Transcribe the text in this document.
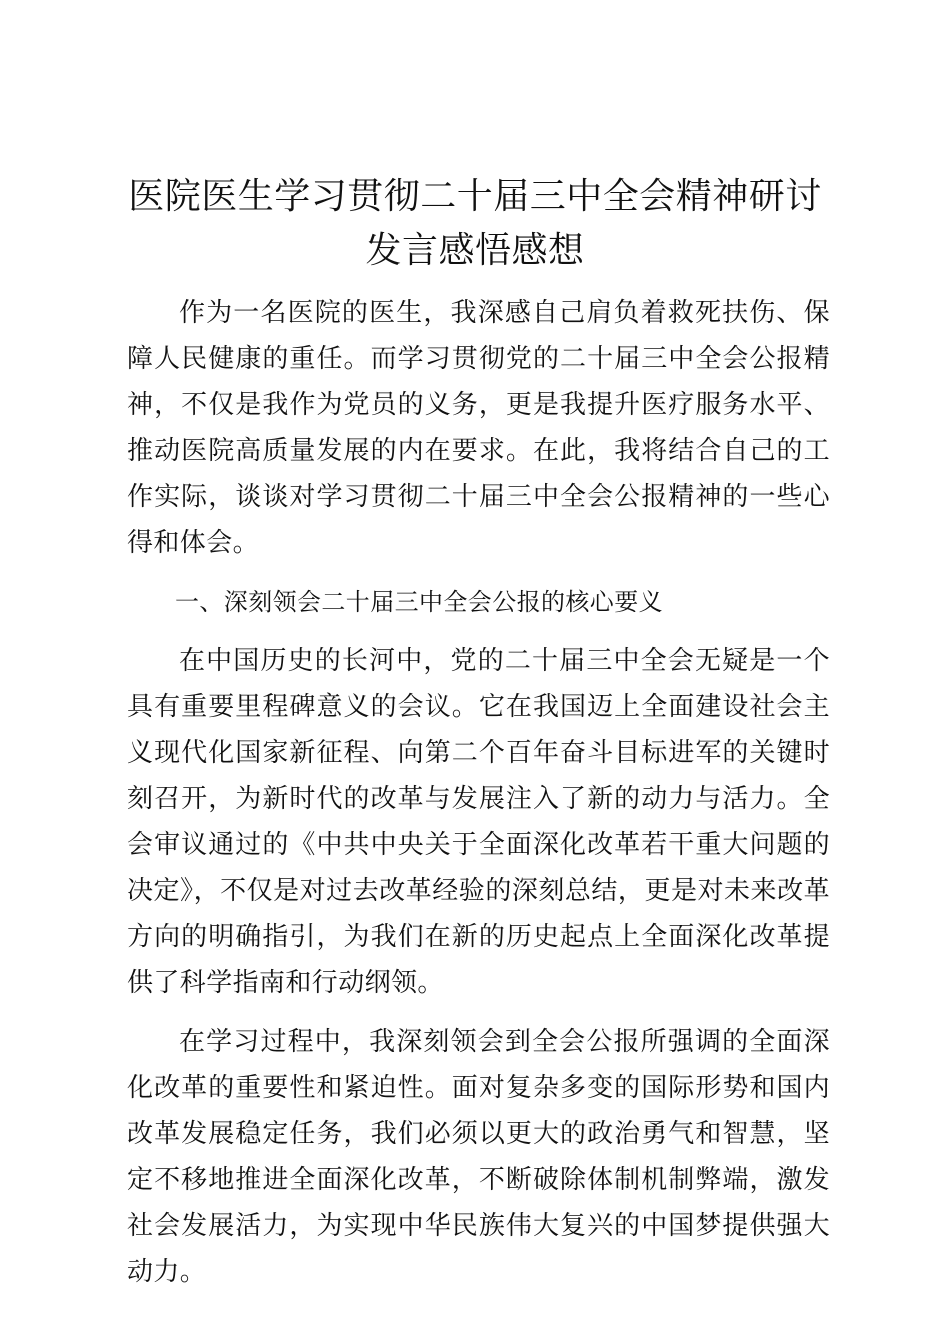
医院医生学习贯彻二十届三中全会精神研讨发言感悟感想

作为一名医院的医生，我深感自己肩负着救死扶伤、保障人民健康的重任。而学习贯彻党的二十届三中全会公报精神，不仅是我作为党员的义务，更是我提升医疗服务水平、推动医院高质量发展的内在要求。在此，我将结合自己的工作实际，谈谈对学习贯彻二十届三中全会公报精神的一些心得和体会。

一、深刻领会二十届三中全会公报的核心要义

在中国历史的长河中，党的二十届三中全会无疑是一个具有重要里程碑意义的会议。它在我国迈上全面建设社会主义现代化国家新征程、向第二个百年奋斗目标进军的关键时刻召开，为新时代的改革与发展注入了新的动力与活力。全会审议通过的《中共中央关于全面深化改革若干重大问题的决定》，不仅是对过去改革经验的深刻总结，更是对未来改革方向的明确指引，为我们在新的历史起点上全面深化改革提供了科学指南和行动纲领。

在学习过程中，我深刻领会到全会公报所强调的全面深化改革的重要性和紧迫性。面对复杂多变的国际形势和国内改革发展稳定任务，我们必须以更大的政治勇气和智慧，坚定不移地推进全面深化改革，不断破除体制机制弊端，激发社会发展活力，为实现中华民族伟大复兴的中国梦提供强大动力。
